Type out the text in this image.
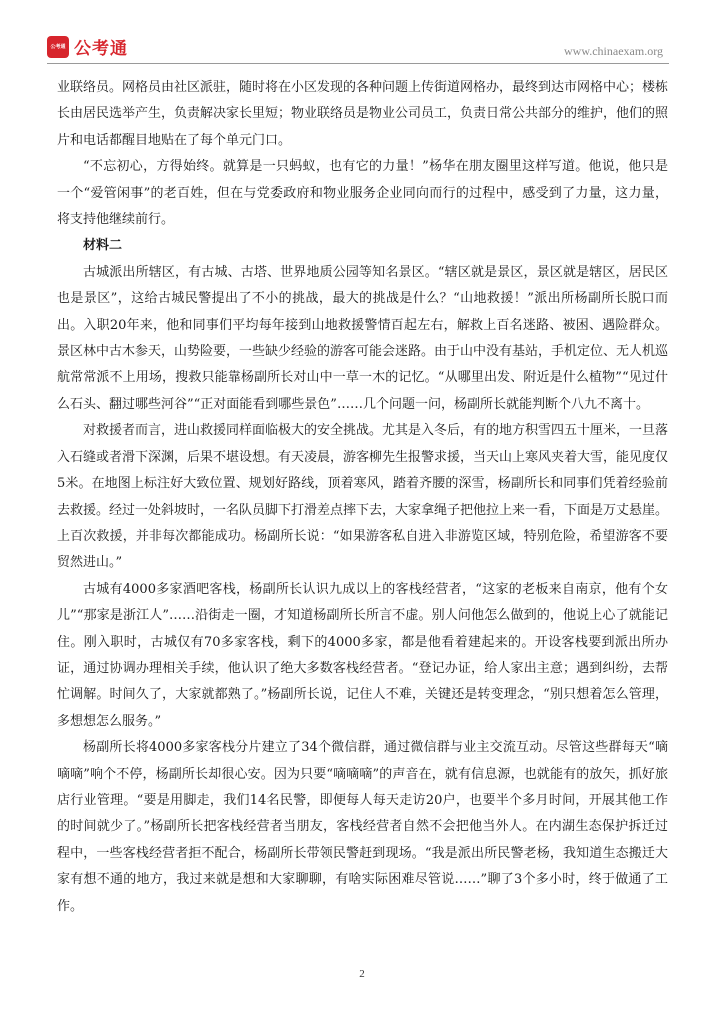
公考通 公考通	www.chinaexam.org

业联络员。网格员由社区派驻，随时将在小区发现的各种问题上传街道网格办，最终到达市网格中心；楼栋长由居民选举产生，负责解决家长里短；物业联络员是物业公司员工，负责日常公共部分的维护，他们的照片和电话都醒目地贴在了每个单元门口。

“不忘初心，方得始终。就算是一只蚂蚁，也有它的力量！”杨华在朋友圈里这样写道。他说，他只是一个“爱管闲事”的老百姓，但在与党委政府和物业服务企业同向而行的过程中，感受到了力量，这力量，将支持他继续前行。

材料二

古城派出所辖区，有古城、古塔、世界地质公园等知名景区。“辖区就是景区，景区就是辖区，居民区也是景区”，这给古城民警提出了不小的挑战，最大的挑战是什么？“山地救援！”派出所杨副所长脱口而出。入职20年来，他和同事们平均每年接到山地救援警情百起左右，解救上百名迷路、被困、遇险群众。景区林中古木参天，山势险要，一些缺少经验的游客可能会迷路。由于山中没有基站，手机定位、无人机巡航常常派不上用场，搜救只能靠杨副所长对山中一草一木的记忆。“从哪里出发、附近是什么植物”“见过什么石头、翻过哪些河谷”“正对面能看到哪些景色”……几个问题一问，杨副所长就能判断个八九不离十。

对救援者而言，进山救援同样面临极大的安全挑战。尤其是入冬后，有的地方积雪四五十厘米，一旦落入石缝或者滑下深渊，后果不堪设想。有天凌晨，游客柳先生报警求援，当天山上寒风夹着大雪，能见度仅5米。在地图上标注好大致位置、规划好路线，顶着寒风，踏着齐腰的深雪，杨副所长和同事们凭着经验前去救援。经过一处斜坡时，一名队员脚下打滑差点摔下去，大家拿绳子把他拉上来一看，下面是万丈悬崖。上百次救援，并非每次都能成功。杨副所长说：“如果游客私自进入非游览区域，特别危险，希望游客不要贸然进山。”

古城有4000多家酒吧客栈，杨副所长认识九成以上的客栈经营者，“这家的老板来自南京，他有个女儿”“那家是浙江人”……沿街走一圈，才知道杨副所长所言不虚。别人问他怎么做到的，他说上心了就能记住。刚入职时，古城仅有70多家客栈，剩下的4000多家，都是他看着建起来的。开设客栈要到派出所办证，通过协调办理相关手续，他认识了绝大多数客栈经营者。“登记办证，给人家出主意；遇到纠纷，去帮忙调解。时间久了，大家就都熟了。”杨副所长说，记住人不难，关键还是转变理念，“别只想着怎么管理，多想想怎么服务。”

杨副所长将4000多家客栈分片建立了34个微信群，通过微信群与业主交流互动。尽管这些群每天“嘀嘀嘀”响个不停，杨副所长却很心安。因为只要“嘀嘀嘀”的声音在，就有信息源，也就能有的放矢，抓好旅店行业管理。“要是用脚走，我们14名民警，即便每人每天走访20户，也要半个多月时间，开展其他工作的时间就少了。”杨副所长把客栈经营者当朋友，客栈经营者自然不会把他当外人。在内湖生态保护拆迁过程中，一些客栈经营者拒不配合，杨副所长带领民警赶到现场。“我是派出所民警老杨，我知道生态搬迁大家有想不通的地方，我过来就是想和大家聊聊，有啥实际困难尽管说……”聊了3个多小时，终于做通了工作。

2
